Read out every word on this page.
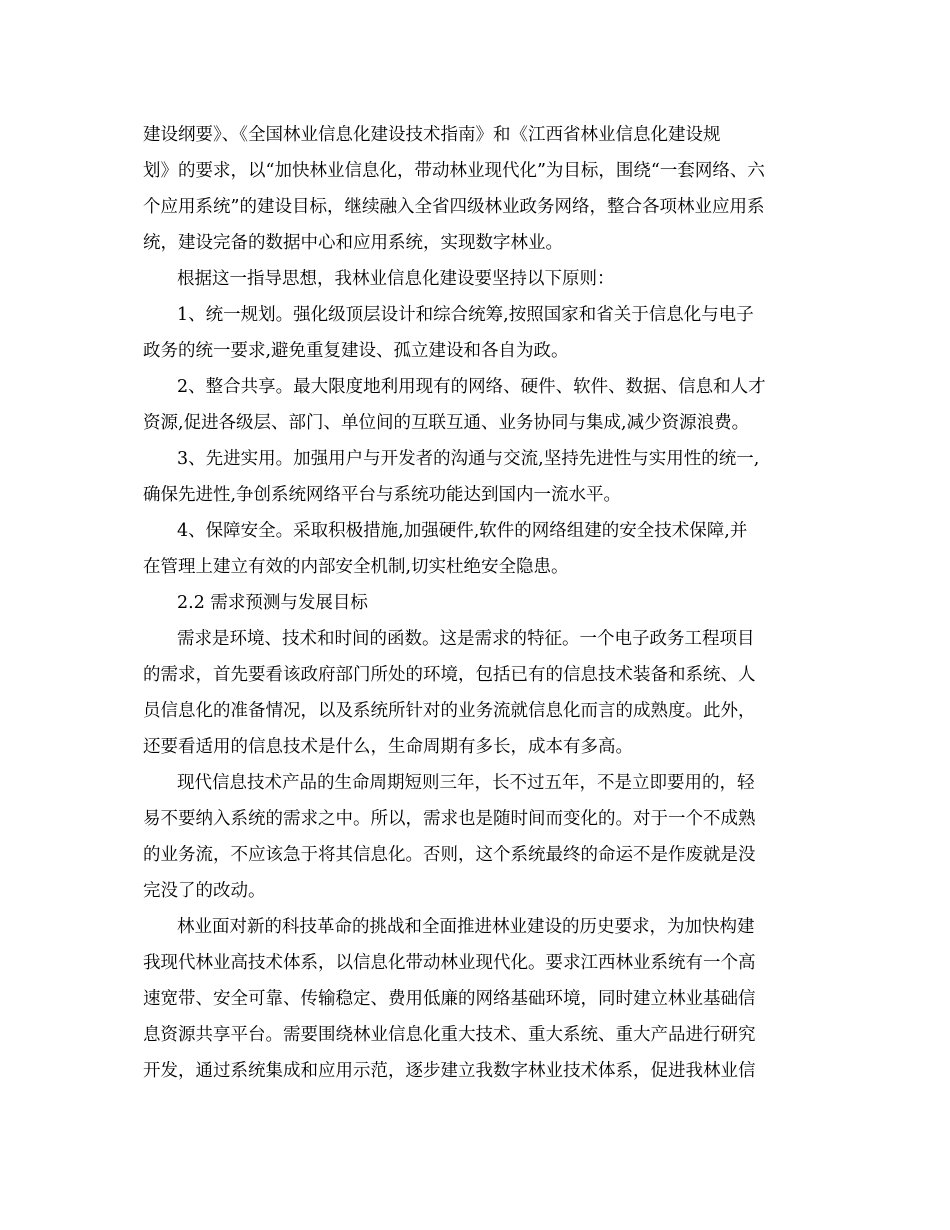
建设纲要》、《全国林业信息化建设技术指南》和《江西省林业信息化建设规
划》的要求，以“加快林业信息化，带动林业现代化”为目标，围绕“一套网络、六
个应用系统”的建设目标，继续融入全省四级林业政务网络，整合各项林业应用系
统，建设完备的数据中心和应用系统，实现数字林业。
根据这一指导思想，我林业信息化建设要坚持以下原则：
1、统一规划。强化级顶层设计和综合统筹,按照国家和省关于信息化与电子
政务的统一要求,避免重复建设、孤立建设和各自为政。
2、整合共享。最大限度地利用现有的网络、硬件、软件、数据、信息和人才
资源,促进各级层、部门、单位间的互联互通、业务协同与集成,减少资源浪费。
3、先进实用。加强用户与开发者的沟通与交流,坚持先进性与实用性的统一,
确保先进性,争创系统网络平台与系统功能达到国内一流水平。
4、保障安全。采取积极措施,加强硬件,软件的网络组建的安全技术保障,并
在管理上建立有效的内部安全机制,切实杜绝安全隐患。
2.2 需求预测与发展目标
需求是环境、技术和时间的函数。这是需求的特征。一个电子政务工程项目
的需求，首先要看该政府部门所处的环境，包括已有的信息技术装备和系统、人
员信息化的准备情况，以及系统所针对的业务流就信息化而言的成熟度。此外，
还要看适用的信息技术是什么，生命周期有多长，成本有多高。
现代信息技术产品的生命周期短则三年，长不过五年，不是立即要用的，轻
易不要纳入系统的需求之中。所以，需求也是随时间而变化的。对于一个不成熟
的业务流，不应该急于将其信息化。否则，这个系统最终的命运不是作废就是没
完没了的改动。
林业面对新的科技革命的挑战和全面推进林业建设的历史要求，为加快构建
我现代林业高技术体系，以信息化带动林业现代化。要求江西林业系统有一个高
速宽带、安全可靠、传输稳定、费用低廉的网络基础环境，同时建立林业基础信
息资源共享平台。需要围绕林业信息化重大技术、重大系统、重大产品进行研究
开发，通过系统集成和应用示范，逐步建立我数字林业技术体系，促进我林业信
